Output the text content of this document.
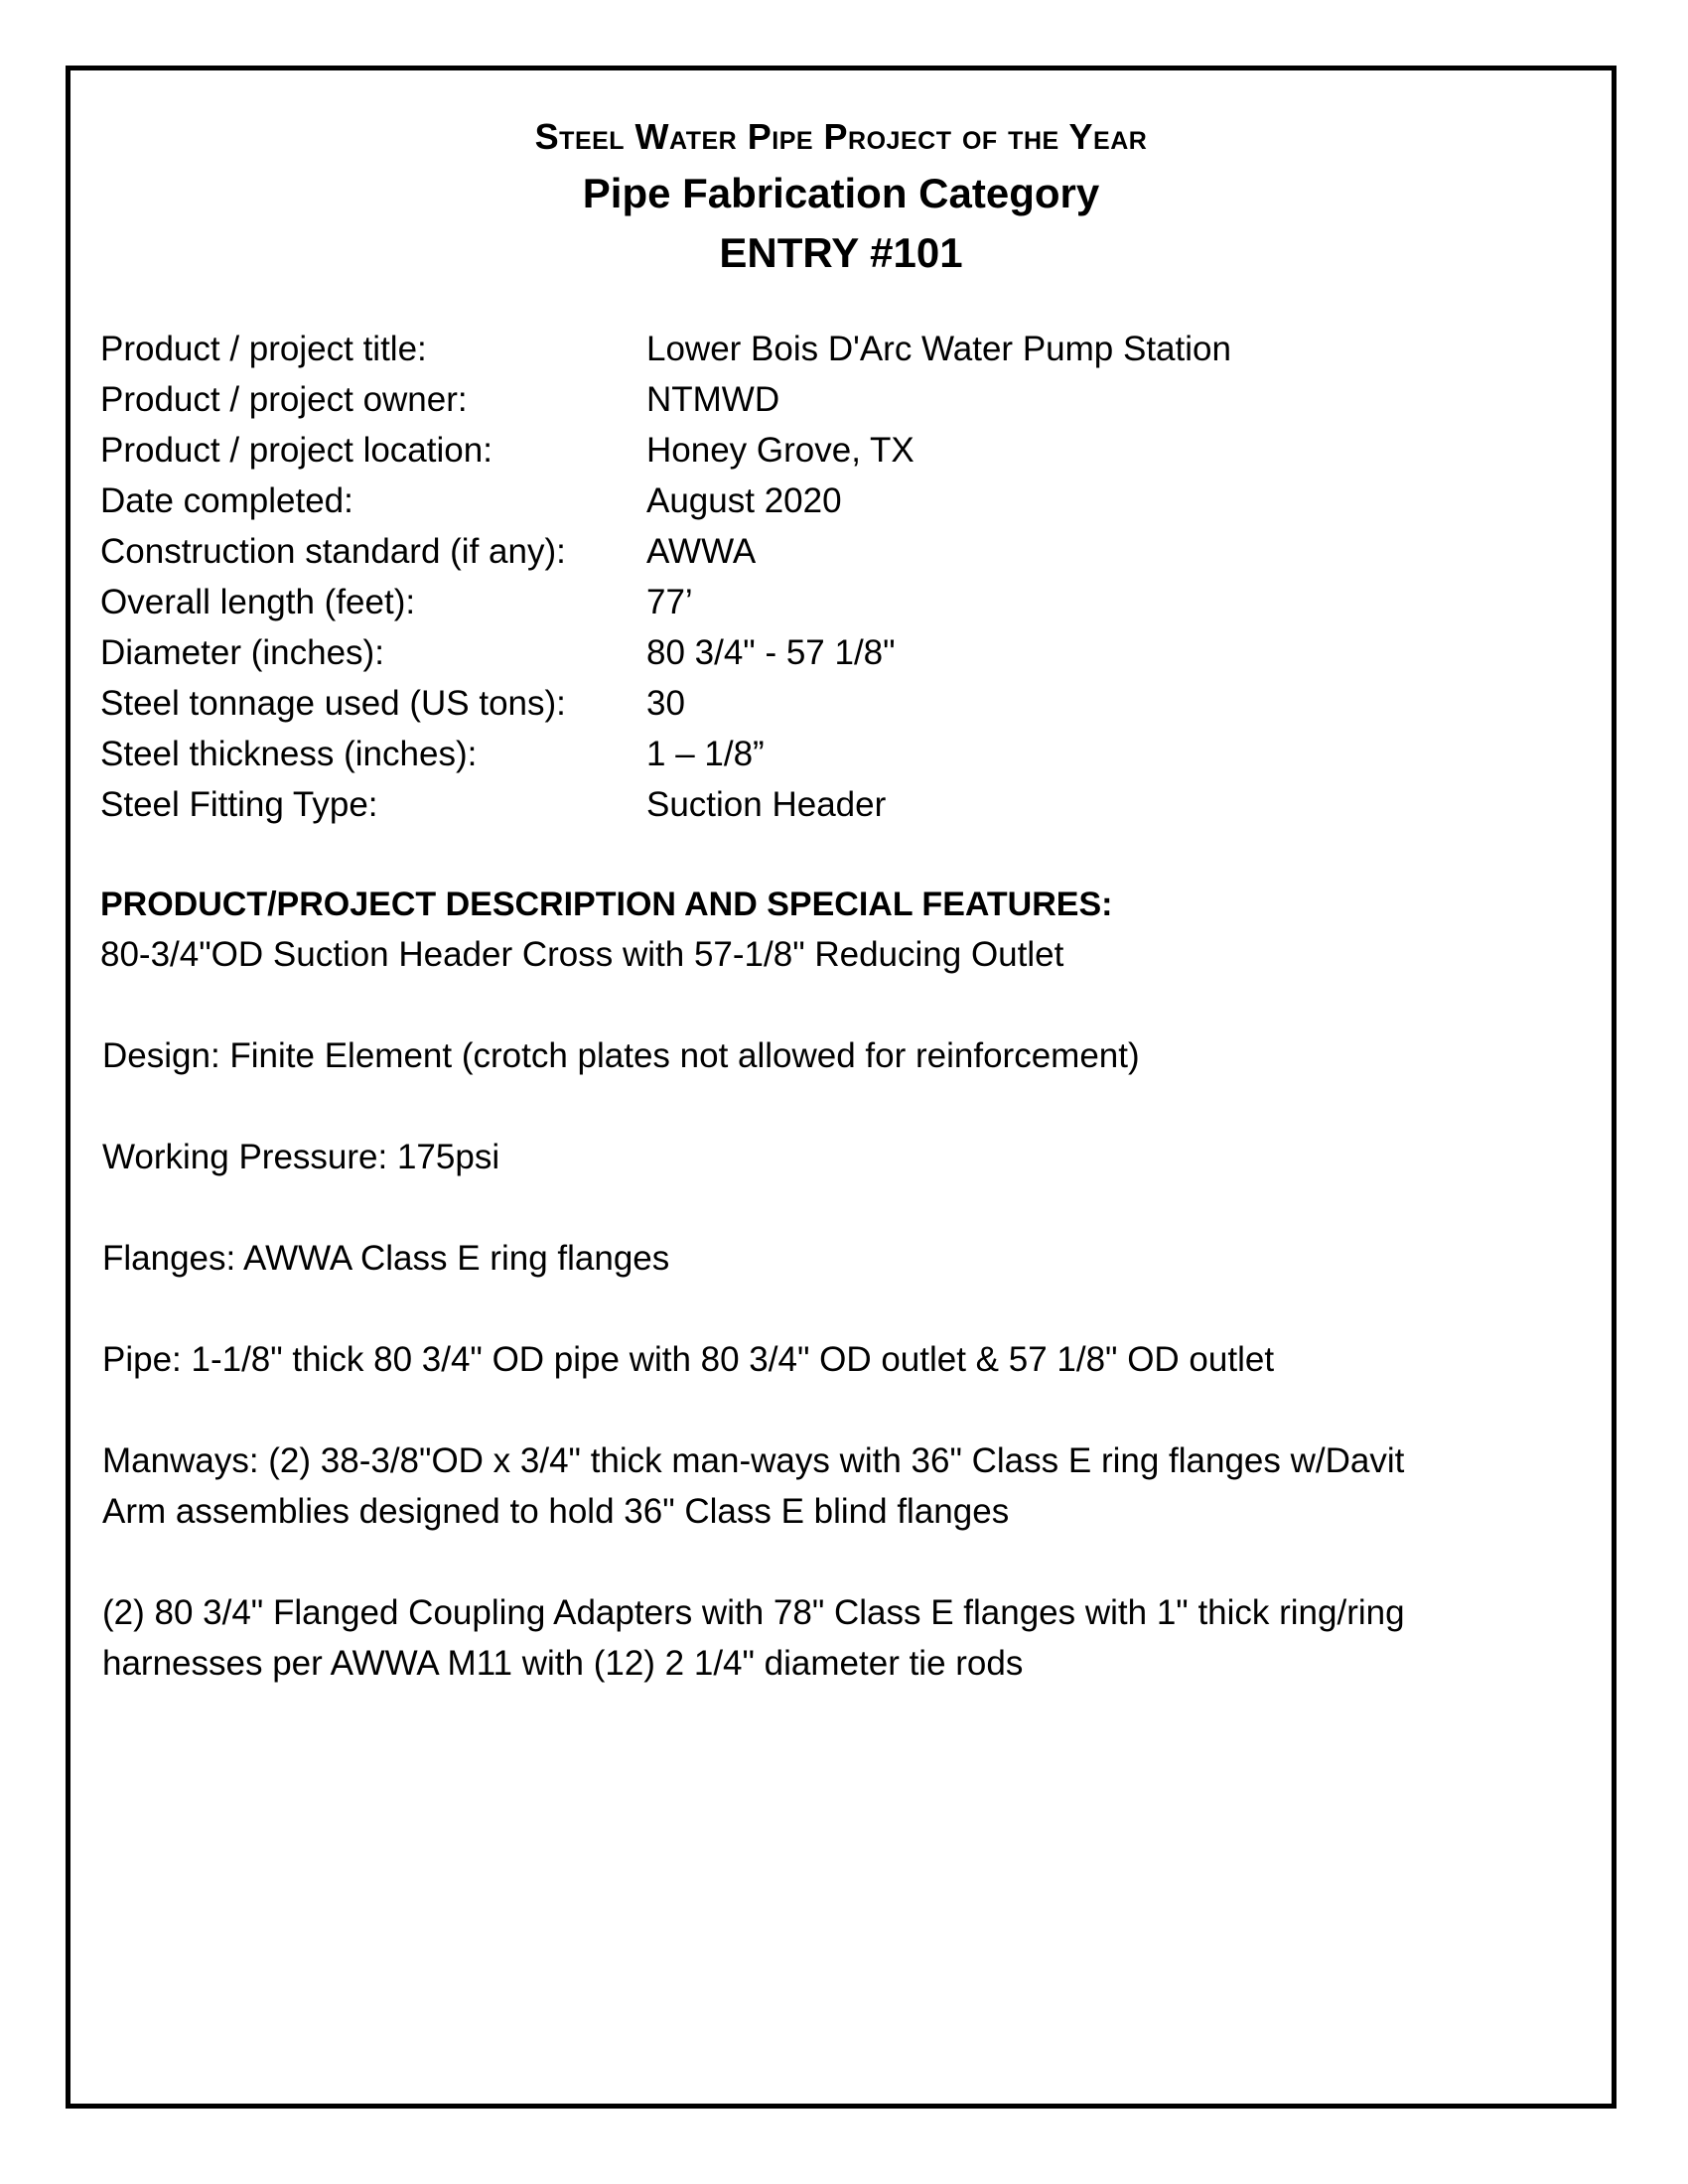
Steel Water Pipe Project of the Year
Pipe Fabrication Category
ENTRY #101
Product / project title:	Lower Bois D'Arc Water Pump Station
Product / project owner:	NTMWD
Product / project location:	Honey Grove, TX
Date completed:	August 2020
Construction standard (if any):	AWWA
Overall length (feet):	77’
Diameter (inches):	80 3/4" - 57 1/8"
Steel tonnage used (US tons):	30
Steel thickness (inches):	1 – 1/8”
Steel Fitting Type:	Suction Header
PRODUCT/PROJECT DESCRIPTION AND SPECIAL FEATURES:

80-3/4"OD Suction Header Cross with 57-1/8" Reducing Outlet

Design: Finite Element (crotch plates not allowed for reinforcement)

Working Pressure: 175psi

Flanges: AWWA Class E ring flanges

Pipe: 1-1/8" thick 80 3/4" OD pipe with 80 3/4" OD outlet & 57 1/8" OD outlet

Manways: (2) 38-3/8"OD x 3/4" thick man-ways with 36" Class E ring flanges w/Davit
Arm assemblies designed to hold 36" Class E blind flanges

(2) 80 3/4" Flanged Coupling Adapters with 78" Class E flanges with 1" thick ring/ring
harnesses per AWWA M11 with (12) 2 1/4" diameter tie rods
